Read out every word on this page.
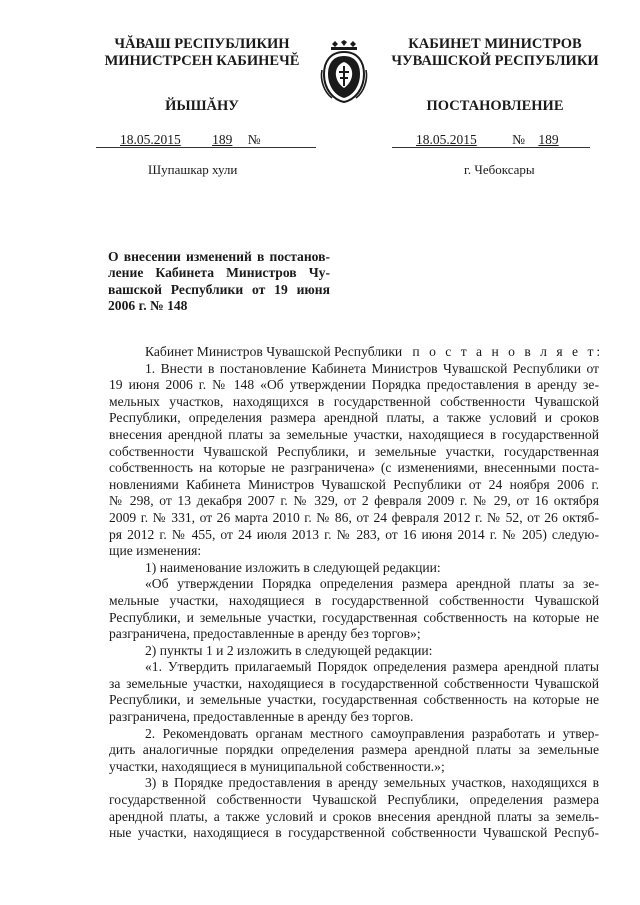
ЧĂВАШ РЕСПУБЛИКИН
МИНИСТРСЕН КАБИНЕЧĔ
ЙЫШĂНУ
КАБИНЕТ МИНИСТРОВ
ЧУВАШСКОЙ РЕСПУБЛИКИ
ПОСТАНОВЛЕНИЕ
18.05.2015 189 №	18.05.2015	№ 189
Шупашкар хули	г. Чебоксары
О внесении изменений в постанов-
ление Кабинета Министров Чу-
вашской Республики от 19 июня
2006 г. № 148
Кабинет Министров Чувашской Республики п о с т а н о в л я е т:
1. Внести в постановление Кабинета Министров Чувашской Республики от
19 июня 2006 г. № 148 «Об утверждении Порядка предоставления в аренду зе-
мельных участков, находящихся в государственной собственности Чувашской
Республики, определения размера арендной платы, а также условий и сроков
внесения арендной платы за земельные участки, находящиеся в государственной
собственности Чувашской Республики, и земельные участки, государственная
собственность на которые не разграничена» (с изменениями, внесенными поста-
новлениями Кабинета Министров Чувашской Республики от 24 ноября 2006 г.
№ 298, от 13 декабря 2007 г. № 329, от 2 февраля 2009 г. № 29, от 16 октября
2009 г. № 331, от 26 марта 2010 г. № 86, от 24 февраля 2012 г. № 52, от 26 октяб-
ря 2012 г. № 455, от 24 июля 2013 г. № 283, от 16 июня 2014 г. № 205) следую-
щие изменения:
1) наименование изложить в следующей редакции:
«Об утверждении Порядка определения размера арендной платы за зе-
мельные участки, находящиеся в государственной собственности Чувашской
Республики, и земельные участки, государственная собственность на которые не
разграничена, предоставленные в аренду без торгов»;
2) пункты 1 и 2 изложить в следующей редакции:
«1. Утвердить прилагаемый Порядок определения размера арендной платы
за земельные участки, находящиеся в государственной собственности Чувашской
Республики, и земельные участки, государственная собственность на которые не
разграничена, предоставленные в аренду без торгов.
2. Рекомендовать органам местного самоуправления разработать и утвер-
дить аналогичные порядки определения размера арендной платы за земельные
участки, находящиеся в муниципальной собственности.»;
3) в Порядке предоставления в аренду земельных участков, находящихся в
государственной собственности Чувашской Республики, определения размера
арендной платы, а также условий и сроков внесения арендной платы за земель-
ные участки, находящиеся в государственной собственности Чувашской Респуб-
